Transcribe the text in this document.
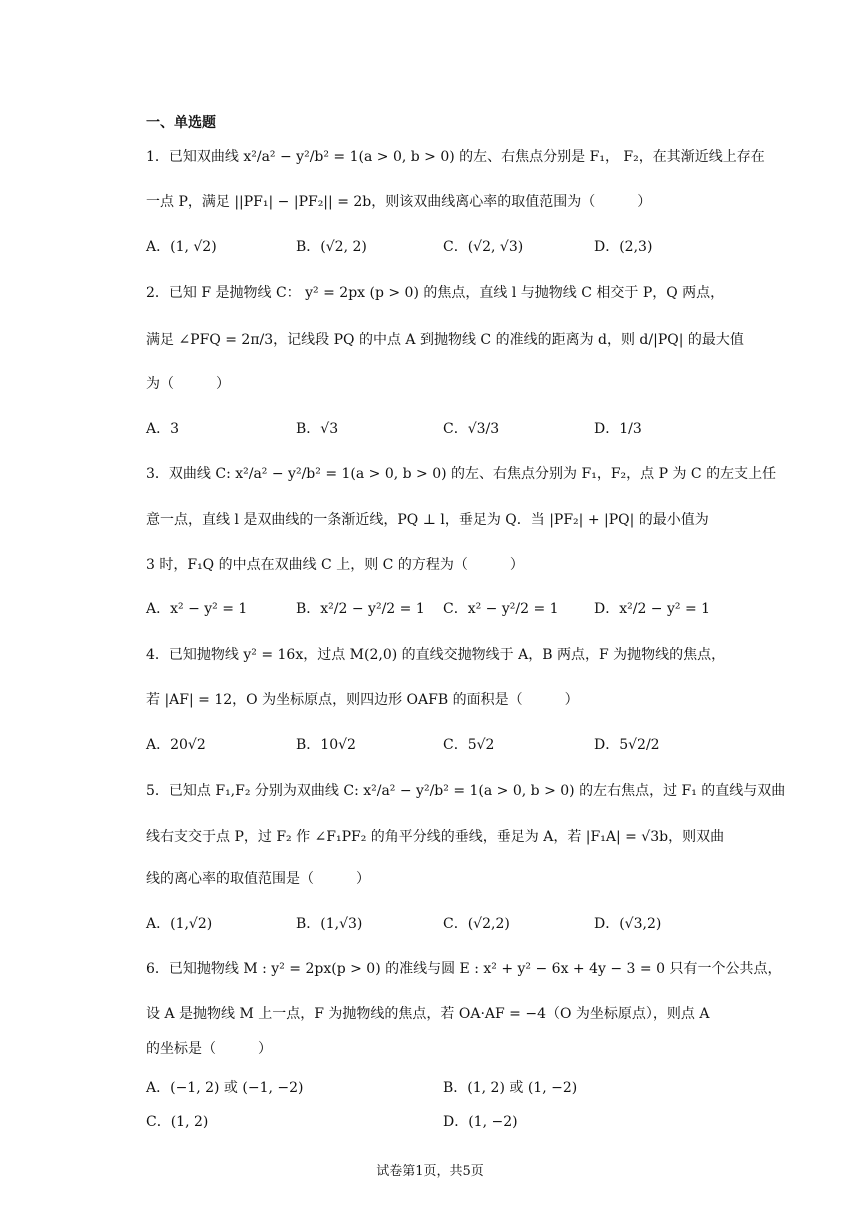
一、单选题
1．已知双曲线 x²/a² − y²/b² = 1(a > 0, b > 0) 的左、右焦点分别是 F₁， F₂，在其渐近线上存在
一点 P，满足 ||PF₁| − |PF₂|| = 2b，则该双曲线离心率的取值范围为（　　　）
A．(1, √2)	B．(√2, 2)	C．(√2, √3)	D．(2,3)
2．已知 F 是抛物线 C： y² = 2px (p > 0) 的焦点，直线 l 与抛物线 C 相交于 P，Q 两点，
满足 ∠PFQ = 2π/3，记线段 PQ 的中点 A 到抛物线 C 的准线的距离为 d，则 d/|PQ| 的最大值
为（　　　）
A．3	B．√3	C．√3/3	D．1/3
3．双曲线 C: x²/a² − y²/b² = 1(a > 0, b > 0) 的左、右焦点分别为 F₁，F₂，点 P 为 C 的左支上任
意一点，直线 l 是双曲线的一条渐近线，PQ ⊥ l，垂足为 Q．当 |PF₂| + |PQ| 的最小值为
3 时，F₁Q 的中点在双曲线 C 上，则 C 的方程为（　　　）
A．x² − y² = 1	B．x²/2 − y²/2 = 1 C．x² − y²/2 = 1	D．x²/2 − y² = 1
4．已知抛物线 y² = 16x，过点 M(2,0) 的直线交抛物线于 A，B 两点，F 为抛物线的焦点，
若 |AF| = 12，O 为坐标原点，则四边形 OAFB 的面积是（　　　）
A．20√2	B．10√2	C．5√2	D．5√2/2
5．已知点 F₁,F₂ 分别为双曲线 C: x²/a² − y²/b² = 1(a > 0, b > 0) 的左右焦点，过 F₁ 的直线与双曲
线右支交于点 P，过 F₂ 作 ∠F₁PF₂ 的角平分线的垂线，垂足为 A，若 |F₁A| = √3b，则双曲
线的离心率的取值范围是（　　　）
A．(1,√2)	B．(1,√3)	C．(√2,2)	D．(√3,2)
6．已知抛物线 M : y² = 2px(p > 0) 的准线与圆 E : x² + y² − 6x + 4y − 3 = 0 只有一个公共点，
设 A 是抛物线 M 上一点，F 为抛物线的焦点，若 OA·AF = −4（O 为坐标原点），则点 A
的坐标是（　　　）
A．(−1, 2) 或 (−1, −2)	B．(1, 2) 或 (1, −2)
C．(1, 2)	D．(1, −2)
试卷第1页，共5页
